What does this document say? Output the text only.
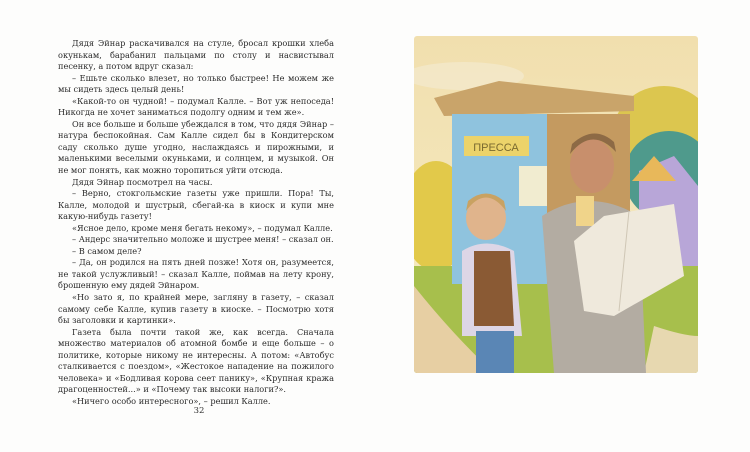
Дядя Эйнар раскачивался на стуле, бросал крошки хлеба окунькам, барабанил пальцами по столу и насвистывал песенку, а потом вдруг сказал:

– Ешьте сколько влезет, но только быстрее! Не можем же мы сидеть здесь целый день!

«Какой-то он чудной! – подумал Калле. – Вот уж непоседа! Никогда не хочет заниматься подолгу одним и тем же».

Он все больше и больше убеждался в том, что дядя Эйнар – натура беспокойная. Сам Калле сидел бы в Кондитерском саду сколько душе угодно, наслаждаясь и пирожными, и маленькими веселыми окуньками, и солнцем, и музыкой. Он не мог понять, как можно торопиться уйти отсюда.

Дядя Эйнар посмотрел на часы.

– Верно, стокгольмские газеты уже пришли. Пора! Ты, Калле, молодой и шустрый, сбегай-ка в киоск и купи мне какую-нибудь газету!

«Ясное дело, кроме меня бегать некому», – подумал Калле.

– Андерс значительно моложе и шустрее меня! – сказал он.

– В самом деле?

– Да, он родился на пять дней позже! Хотя он, разумеется, не такой услужливый! – сказал Калле, поймав на лету крону, брошенную ему дядей Эйнаром.

«Но зато я, по крайней мере, загляну в газету, – сказал самому себе Калле, купив газету в киоске. – Посмотрю хотя бы заголовки и картинки».

Газета была почти такой же, как всегда. Сначала множество материалов об атомной бомбе и еще больше – о политике, которые никому не интересны. А потом: «Автобус сталкивается с поездом», «Жестокое нападение на пожилого человека» и «Бодливая корова сеет панику», «Крупная кража драгоценностей...» и «Почему так высоки налоги?».

«Ничего особо интересного», – решил Калле.

32
ПРЕССА
